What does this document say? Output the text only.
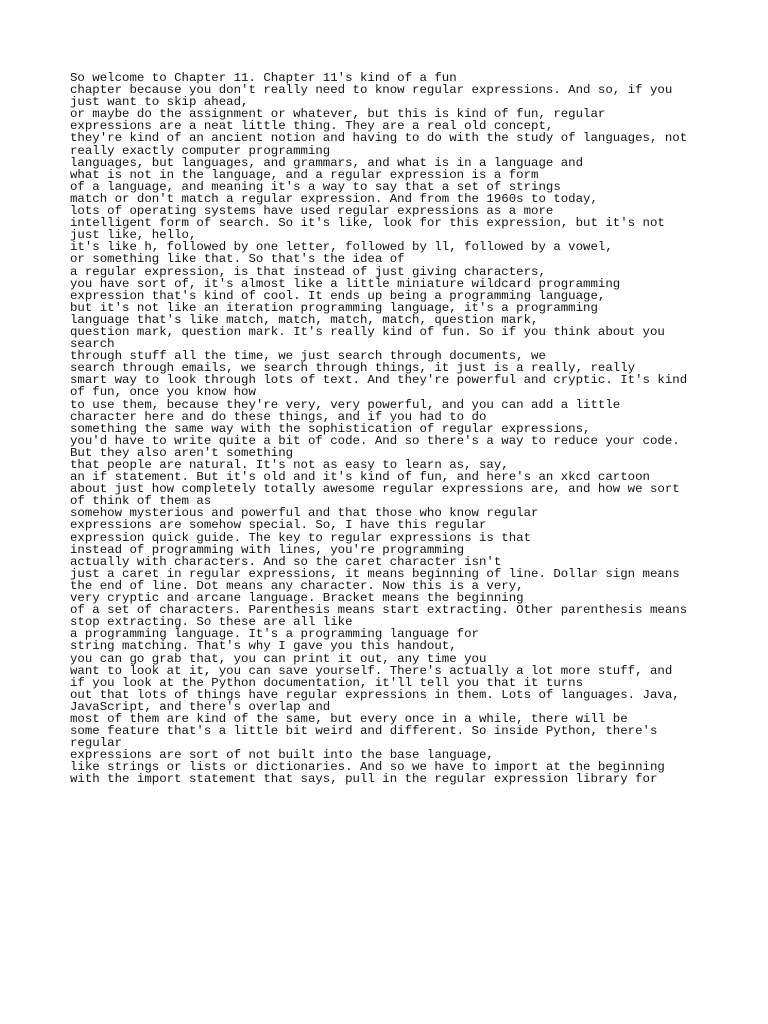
So welcome to Chapter 11. Chapter 11's kind of a fun

chapter because you don't really need to know regular expressions. And so, if you

just want to skip ahead,

or maybe do the assignment or whatever, but this is kind of fun, regular

expressions are a neat little thing. They are a real old concept,

they're kind of an ancient notion and having to do with the study of languages, not

really exactly computer programming

languages, but languages, and grammars, and what is in a language and

what is not in the language, and a regular expression is a form

of a language, and meaning it's a way to say that a set of strings

match or don't match a regular expression. And from the 1960s to today,

lots of operating systems have used regular expressions as a more

intelligent form of search. So it's like, look for this expression, but it's not

just like, hello,

it's like h, followed by one letter, followed by ll, followed by a vowel,

or something like that. So that's the idea of

a regular expression, is that instead of just giving characters,

you have sort of, it's almost like a little miniature wildcard programming

expression that's kind of cool. It ends up being a programming language,

but it's not like an iteration programming language, it's a programming

language that's like match, match, match, match, question mark,

question mark, question mark. It's really kind of fun. So if you think about you

search

through stuff all the time, we just search through documents, we

search through emails, we search through things, it just is a really, really

smart way to look through lots of text. And they're powerful and cryptic. It's kind

of fun, once you know how

to use them, because they're very, very powerful, and you can add a little

character here and do these things, and if you had to do

something the same way with the sophistication of regular expressions,

you'd have to write quite a bit of code. And so there's a way to reduce your code.

But they also aren't something

that people are natural. It's not as easy to learn as, say,

an if statement. But it's old and it's kind of fun, and here's an xkcd cartoon

about just how completely totally awesome regular expressions are, and how we sort

of think of them as

somehow mysterious and powerful and that those who know regular

expressions are somehow special. So, I have this regular

expression quick guide. The key to regular expressions is that

instead of programming with lines, you're programming

actually with characters. And so the caret character isn't

just a caret in regular expressions, it means beginning of line. Dollar sign means

the end of line. Dot means any character. Now this is a very,

very cryptic and arcane language. Bracket means the beginning

of a set of characters. Parenthesis means start extracting. Other parenthesis means

stop extracting. So these are all like

a programming language. It's a programming language for

string matching. That's why I gave you this handout,

you can go grab that, you can print it out, any time you

want to look at it, you can save yourself. There's actually a lot more stuff, and

if you look at the Python documentation, it'll tell you that it turns

out that lots of things have regular expressions in them. Lots of languages. Java,

JavaScript, and there's overlap and

most of them are kind of the same, but every once in a while, there will be

some feature that's a little bit weird and different. So inside Python, there's

regular

expressions are sort of not built into the base language,

like strings or lists or dictionaries. And so we have to import at the beginning

with the import statement that says, pull in the regular expression library for
